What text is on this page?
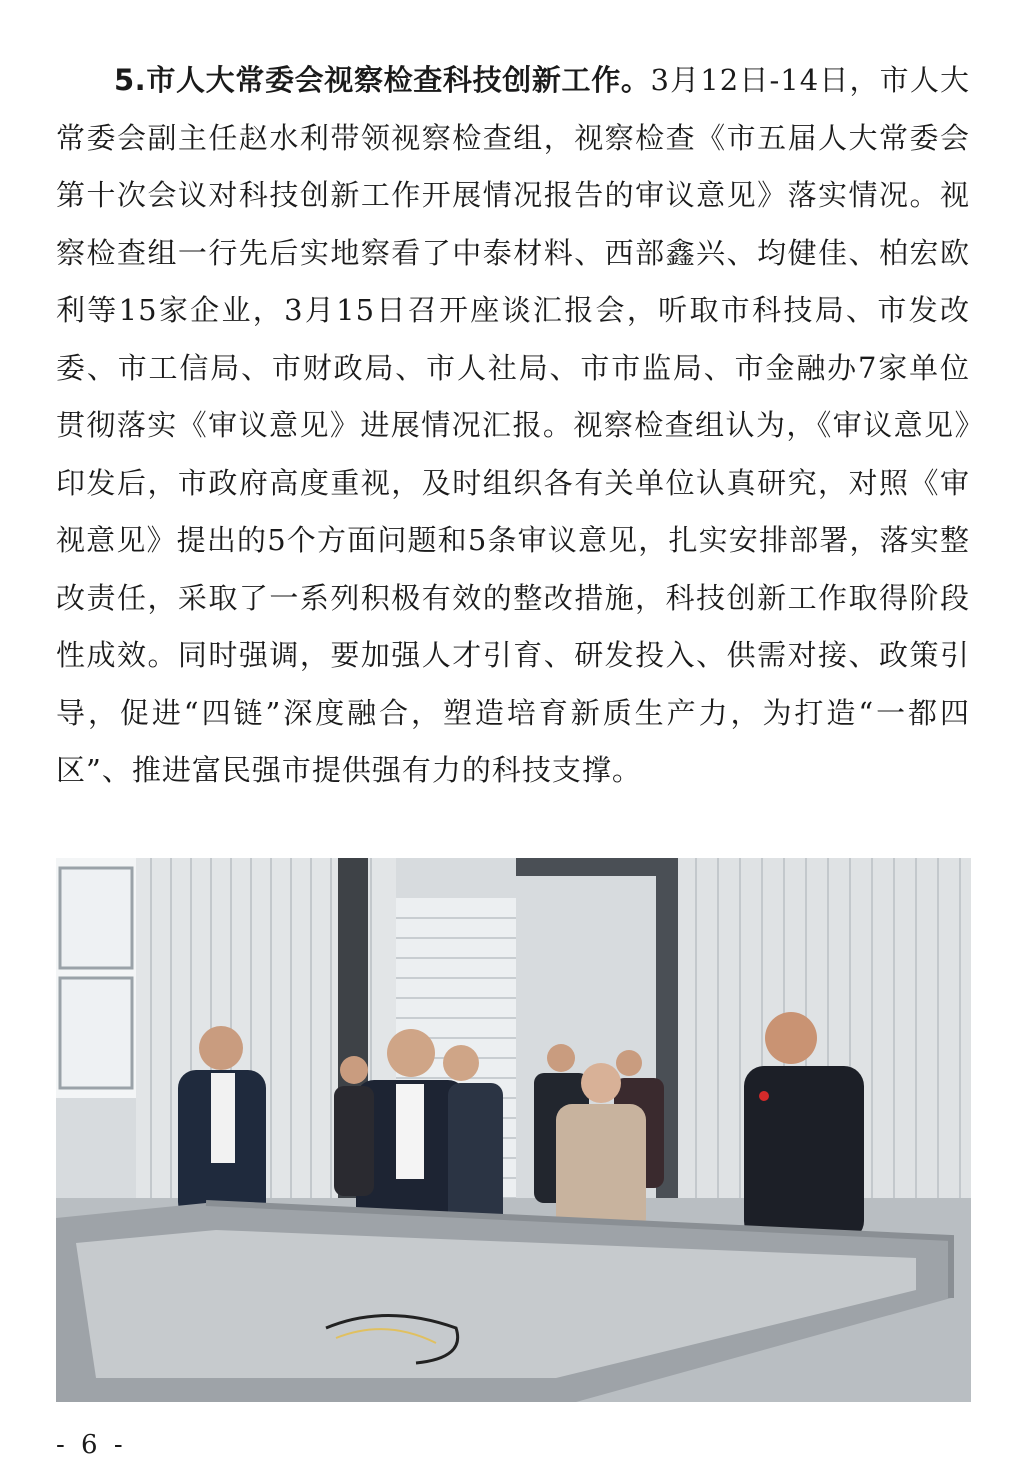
5.市人大常委会视察检查科技创新工作。3月12日-14日，市人大常委会副主任赵水利带领视察检查组，视察检查《市五届人大常委会第十次会议对科技创新工作开展情况报告的审议意见》落实情况。视察检查组一行先后实地察看了中泰材料、西部鑫兴、均健佳、柏宏欧利等15家企业，3月15日召开座谈汇报会，听取市科技局、市发改委、市工信局、市财政局、市人社局、市市监局、市金融办7家单位贯彻落实《审议意见》进展情况汇报。视察检查组认为，《审议意见》印发后，市政府高度重视，及时组织各有关单位认真研究，对照《审视意见》提出的5个方面问题和5条审议意见，扎实安排部署，落实整改责任，采取了一系列积极有效的整改措施，科技创新工作取得阶段性成效。同时强调，要加强人才引育、研发投入、供需对接、政策引导，促进“四链”深度融合，塑造培育新质生产力，为打造“一都四区”、推进富民强市提供强有力的科技支撑。

- 6 -
